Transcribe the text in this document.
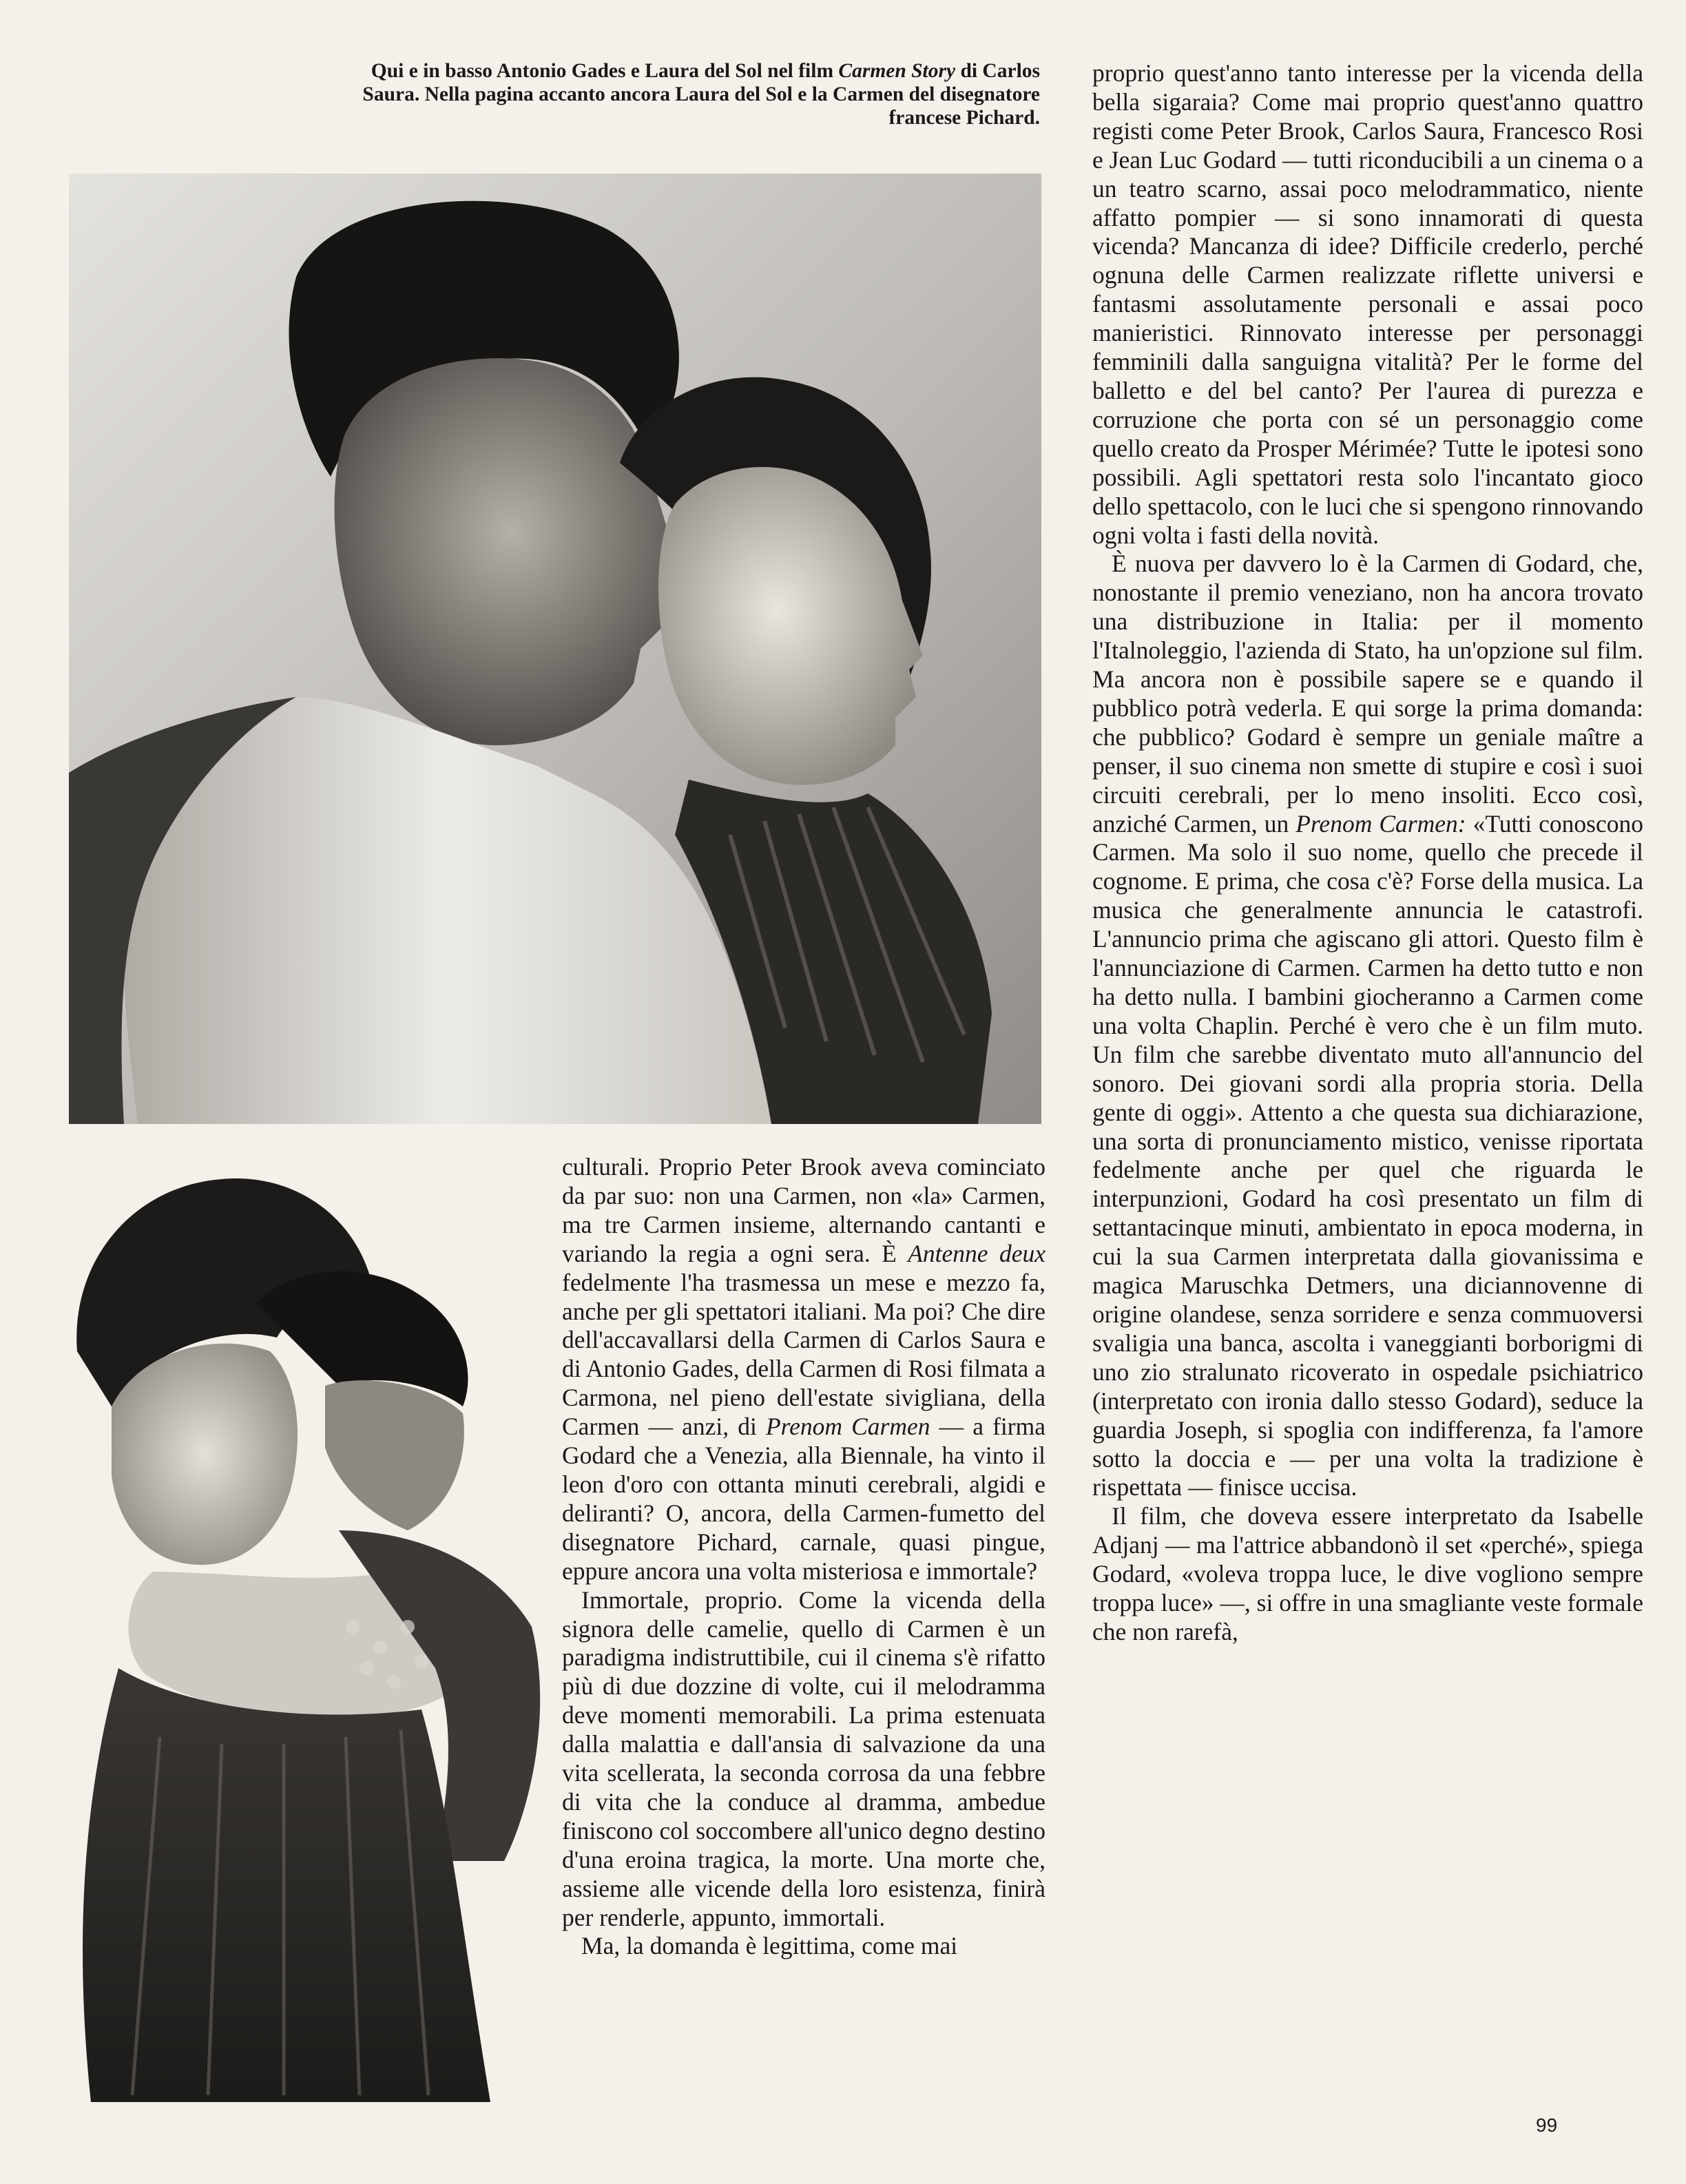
Qui e in basso Antonio Gades e Laura del Sol nel film Carmen Story di Carlos Saura. Nella pagina accanto ancora Laura del Sol e la Carmen del disegnatore francese Pichard.

culturali. Proprio Peter Brook aveva cominciato da par suo: non una Carmen, non «la» Carmen, ma tre Carmen insieme, alternando cantanti e variando la regia a ogni sera. È Antenne deux fedelmente l'ha trasmessa un mese e mezzo fa, anche per gli spettatori italiani. Ma poi? Che dire dell'accavallarsi della Carmen di Carlos Saura e di Antonio Gades, della Carmen di Rosi filmata a Carmona, nel pieno dell'estate sivigliana, della Carmen — anzi, di Prenom Carmen — a firma Godard che a Venezia, alla Biennale, ha vinto il leon d'oro con ottanta minuti cerebrali, algidi e deliranti? O, ancora, della Carmen-fumetto del disegnatore Pichard, carnale, quasi pingue, eppure ancora una volta misteriosa e immortale?

Immortale, proprio. Come la vicenda della signora delle camelie, quello di Carmen è un paradigma indistruttibile, cui il cinema s'è rifatto più di due dozzine di volte, cui il melodramma deve momenti memorabili. La prima estenuata dalla malattia e dall'ansia di salvazione da una vita scellerata, la seconda corrosa da una febbre di vita che la conduce al dramma, ambedue finiscono col soccombere all'unico degno destino d'una eroina tragica, la morte. Una morte che, assieme alle vicende della loro esistenza, finirà per renderle, appunto, immortali.

Ma, la domanda è legittima, come mai

proprio quest'anno tanto interesse per la vicenda della bella sigaraia? Come mai proprio quest'anno quattro registi come Peter Brook, Carlos Saura, Francesco Rosi e Jean Luc Godard — tutti riconducibili a un cinema o a un teatro scarno, assai poco melodrammatico, niente affatto pompier — si sono innamorati di questa vicenda? Mancanza di idee? Difficile crederlo, perché ognuna delle Carmen realizzate riflette universi e fantasmi assolutamente personali e assai poco manieristici. Rinnovato interesse per personaggi femminili dalla sanguigna vitalità? Per le forme del balletto e del bel canto? Per l'aurea di purezza e corruzione che porta con sé un personaggio come quello creato da Prosper Mérimée? Tutte le ipotesi sono possibili. Agli spettatori resta solo l'incantato gioco dello spettacolo, con le luci che si spengono rinnovando ogni volta i fasti della novità.

È nuova per davvero lo è la Carmen di Godard, che, nonostante il premio veneziano, non ha ancora trovato una distribuzione in Italia: per il momento l'Italnoleggio, l'azienda di Stato, ha un'opzione sul film. Ma ancora non è possibile sapere se e quando il pubblico potrà vederla. E qui sorge la prima domanda: che pubblico? Godard è sempre un geniale maître a penser, il suo cinema non smette di stupire e così i suoi circuiti cerebrali, per lo meno insoliti. Ecco così, anziché Carmen, un Prenom Carmen: «Tutti conoscono Carmen. Ma solo il suo nome, quello che precede il cognome. E prima, che cosa c'è? Forse della musica. La musica che generalmente annuncia le catastrofi. L'annuncio prima che agiscano gli attori. Questo film è l'annunciazione di Carmen. Carmen ha detto tutto e non ha detto nulla. I bambini giocheranno a Carmen come una volta Chaplin. Perché è vero che è un film muto. Un film che sarebbe diventato muto all'annuncio del sonoro. Dei giovani sordi alla propria storia. Della gente di oggi». Attento a che questa sua dichiarazione, una sorta di pronunciamento mistico, venisse riportata fedelmente anche per quel che riguarda le interpunzioni, Godard ha così presentato un film di settantacinque minuti, ambientato in epoca moderna, in cui la sua Carmen interpretata dalla giovanissima e magica Maruschka Detmers, una diciannovenne di origine olandese, senza sorridere e senza commuoversi svaligia una banca, ascolta i vaneggianti borborigmi di uno zio stralunato ricoverato in ospedale psichiatrico (interpretato con ironia dallo stesso Godard), seduce la guardia Joseph, si spoglia con indifferenza, fa l'amore sotto la doccia e — per una volta la tradizione è rispettata — finisce uccisa.

Il film, che doveva essere interpretato da Isabelle Adjanj — ma l'attrice abbandonò il set «perché», spiega Godard, «voleva troppa luce, le dive vogliono sempre troppa luce» —, si offre in una smagliante veste formale che non rarefà,

99
